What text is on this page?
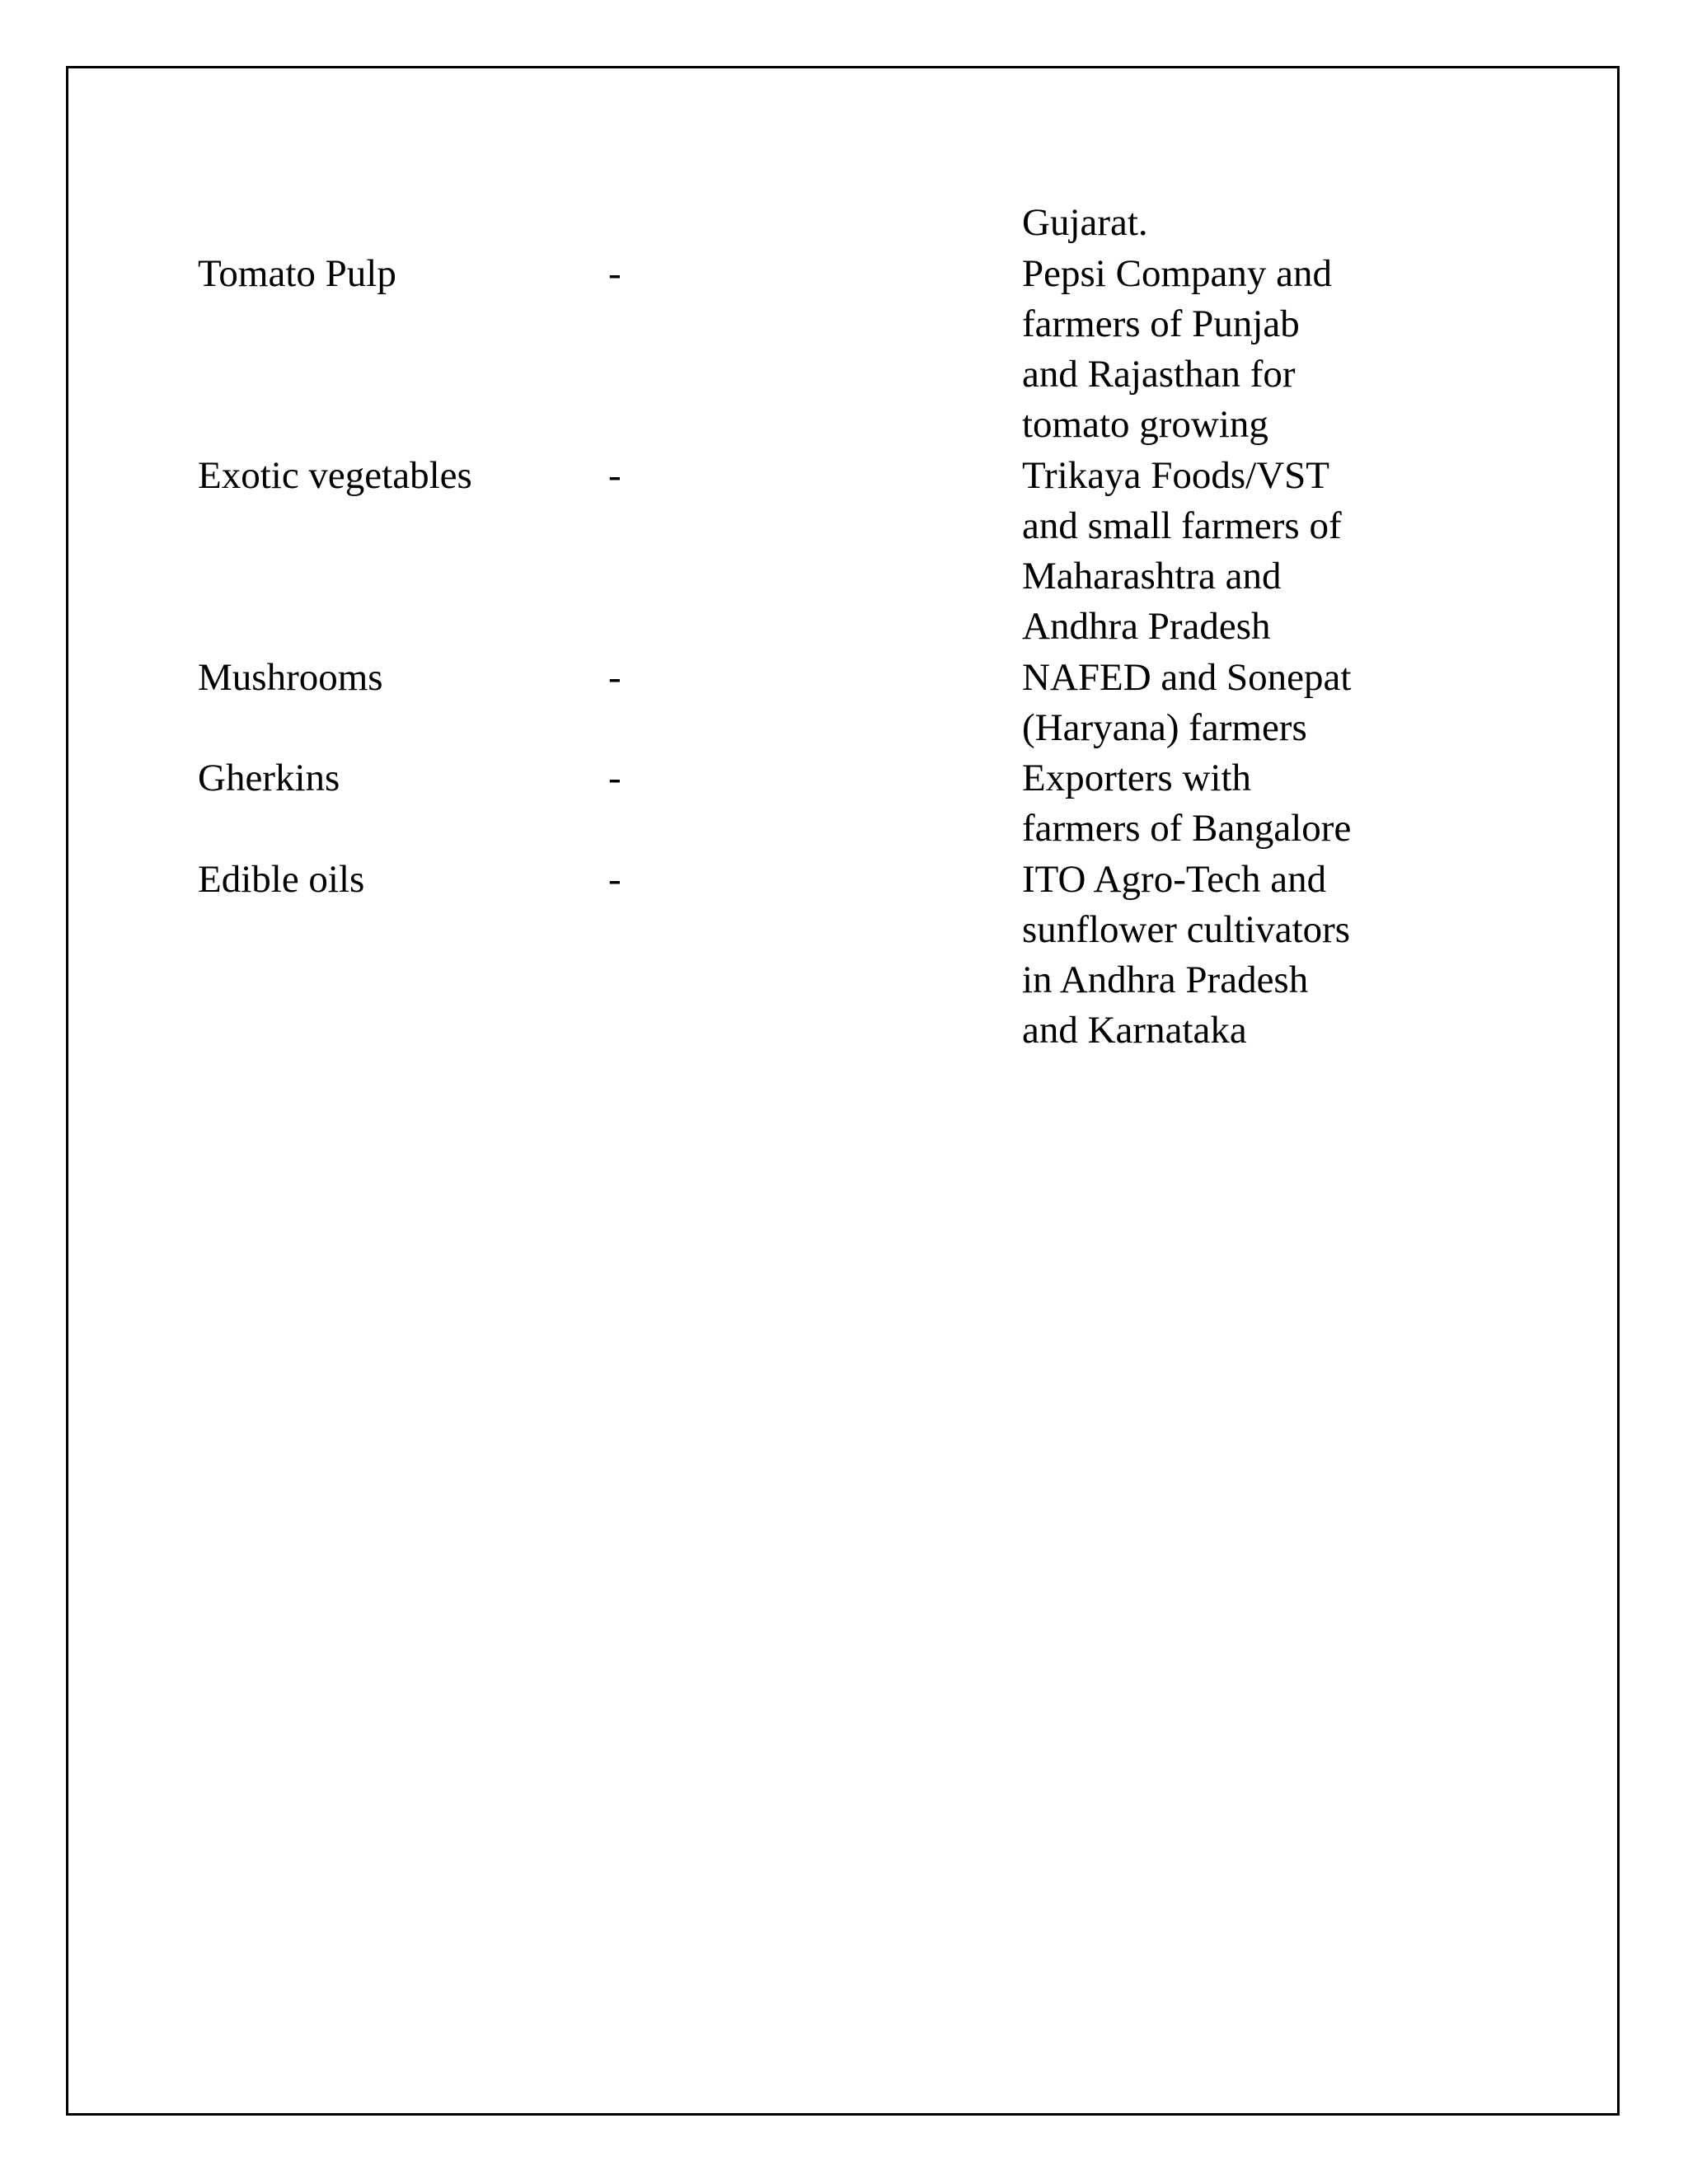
Gujarat.
Tomato Pulp	-	Pepsi Company and
farmers of Punjab
and Rajasthan for
tomato growing
Exotic vegetables	-	Trikaya Foods/VST
and small farmers of
Maharashtra and
Andhra Pradesh
Mushrooms	-	NAFED and Sonepat
(Haryana) farmers
Gherkins	-	Exporters with
farmers of Bangalore
Edible oils	-	ITO Agro-Tech and
sunflower cultivators
in Andhra Pradesh
and Karnataka
